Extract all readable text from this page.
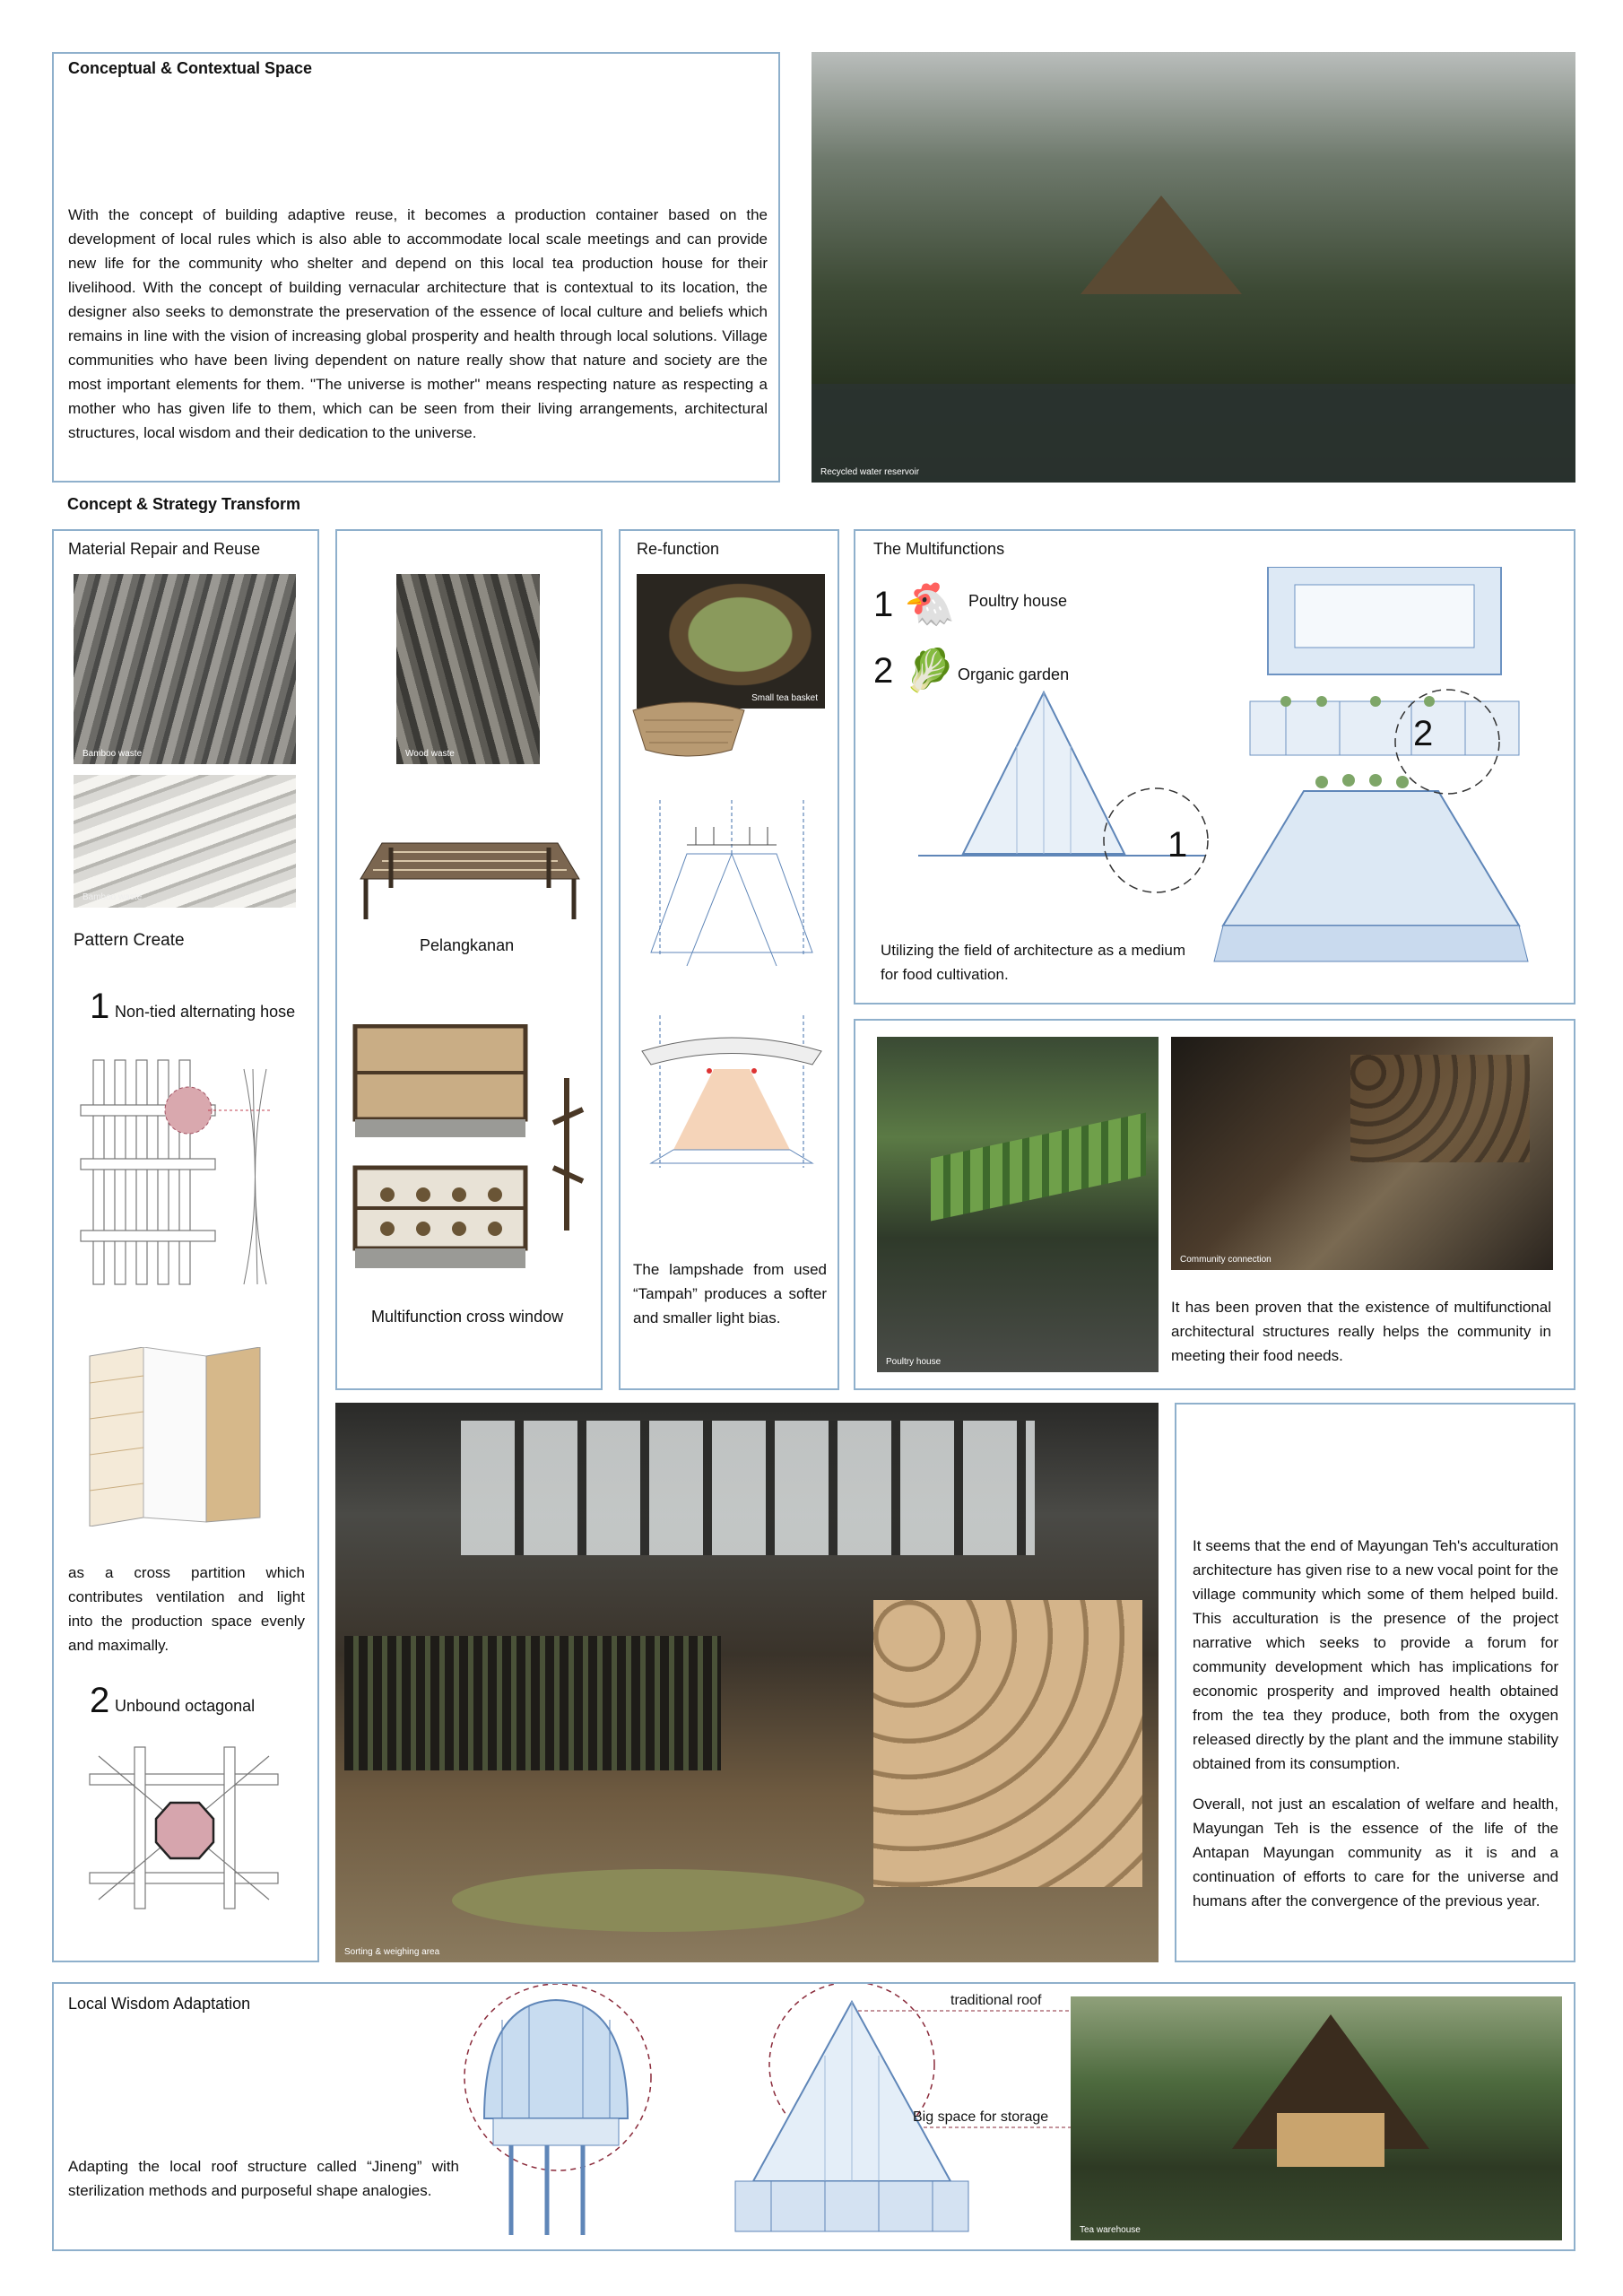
Conceptual & Contextual Space
With the concept of building adaptive reuse, it becomes a production container based on the development of local rules which is also able to accommodate local scale meetings and can provide new life for the community who shelter and depend on this local tea production house for their livelihood. With the concept of building vernacular architecture that is contextual to its location, the designer also seeks to demonstrate the preservation of the essence of local culture and beliefs which remains in line with the vision of increasing global prosperity and health through local solutions. Village communities who have been living dependent on nature really show that nature and society are the most important elements for them. "The universe is mother" means respecting nature as respecting a mother who has given life to them, which can be seen from their living arrangements, architectural structures, local wisdom and their dedication to the universe.
Recycled water reservoir
Concept & Strategy Transform
Material Repair and Reuse
Bamboo waste
Bamboo waste
Pattern Create
1 Non-tied alternating hose
as a cross partition which contributes ventilation and light into the production space evenly and maximally.
2 Unbound octagonal
Wood waste
Pelangkanan
Multifunction cross window
Re-function
Small tea basket
The lampshade from used “Tampah” produces a softer and smaller light bias.
The Multifunctions
1 🐔 Poultry house
2 🥬 Organic garden
1
2
Utilizing the field of architecture as a medium for food cultivation.
Poultry house
Community connection
It has been proven that the existence of multifunctional architectural structures really helps the community in meeting their food needs.
Sorting & weighing area
It seems that the end of Mayungan Teh's acculturation architecture has given rise to a new vocal point for the village community which some of them helped build. This acculturation is the presence of the project narrative which seeks to provide a forum for community development which has implications for economic prosperity and improved health obtained from the tea they produce, both from the oxygen released directly by the plant and the immune stability obtained from its consumption.
Overall, not just an escalation of welfare and health, Mayungan Teh is the essence of the life of the Antapan Mayungan community as it is and a continuation of efforts to care for the universe and humans after the convergence of the previous year.
Local Wisdom Adaptation
Adapting the local roof structure called “Jineng” with sterilization methods and purposeful shape analogies.
traditional roof
Big space for storage
Tea warehouse
